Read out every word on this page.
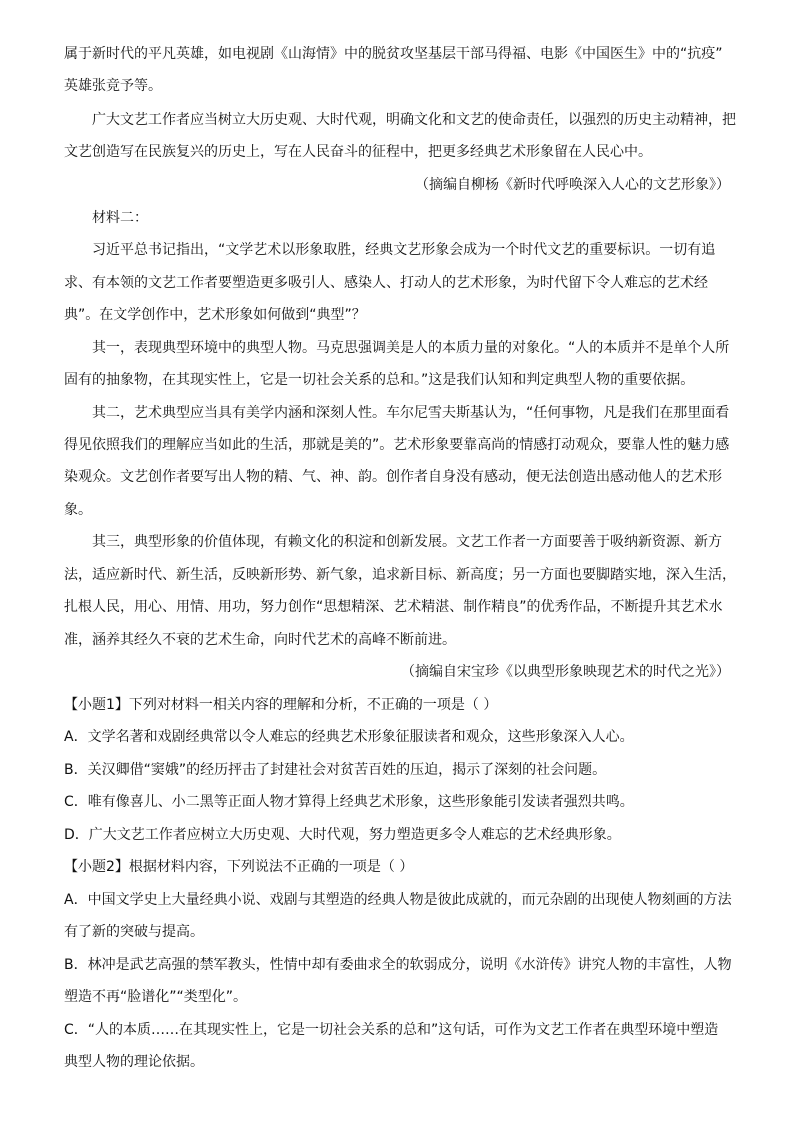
属于新时代的平凡英雄，如电视剧《山海情》中的脱贫攻坚基层干部马得福、电影《中国医生》中的“抗疫”
英雄张竞予等。
广大文艺工作者应当树立大历史观、大时代观，明确文化和文艺的使命责任，以强烈的历史主动精神，把
文艺创造写在民族复兴的历史上，写在人民奋斗的征程中，把更多经典艺术形象留在人民心中。
（摘编自柳杨《新时代呼唤深入人心的文艺形象》）
材料二：
习近平总书记指出，“文学艺术以形象取胜，经典文艺形象会成为一个时代文艺的重要标识。一切有追
求、有本领的文艺工作者要塑造更多吸引人、感染人、打动人的艺术形象，为时代留下令人难忘的艺术经
典”。在文学创作中，艺术形象如何做到“典型”？
其一，表现典型环境中的典型人物。马克思强调美是人的本质力量的对象化。“人的本质并不是单个人所
固有的抽象物，在其现实性上，它是一切社会关系的总和。”这是我们认知和判定典型人物的重要依据。
其二，艺术典型应当具有美学内涵和深刻人性。车尔尼雪夫斯基认为，“任何事物，凡是我们在那里面看
得见依照我们的理解应当如此的生活，那就是美的”。艺术形象要靠高尚的情感打动观众，要靠人性的魅力感
染观众。文艺创作者要写出人物的精、气、神、韵。创作者自身没有感动，便无法创造出感动他人的艺术形
象。
其三，典型形象的价值体现，有赖文化的积淀和创新发展。文艺工作者一方面要善于吸纳新资源、新方
法，适应新时代、新生活，反映新形势、新气象，追求新目标、新高度；另一方面也要脚踏实地，深入生活，
扎根人民，用心、用情、用功，努力创作“思想精深、艺术精湛、制作精良”的优秀作品，不断提升其艺术水
准，涵养其经久不衰的艺术生命，向时代艺术的高峰不断前进。
（摘编自宋宝珍《以典型形象映现艺术的时代之光》）
【小题1】下列对材料一相关内容的理解和分析，不正确的一项是（ ）
A．文学名著和戏剧经典常以令人难忘的经典艺术形象征服读者和观众，这些形象深入人心。
B．关汉卿借“窦娥”的经历抨击了封建社会对贫苦百姓的压迫，揭示了深刻的社会问题。
C．唯有像喜儿、小二黑等正面人物才算得上经典艺术形象，这些形象能引发读者强烈共鸣。
D．广大文艺工作者应树立大历史观、大时代观，努力塑造更多令人难忘的艺术经典形象。
【小题2】根据材料内容，下列说法不正确的一项是（ ）
A．中国文学史上大量经典小说、戏剧与其塑造的经典人物是彼此成就的，而元杂剧的出现使人物刻画的方法
有了新的突破与提高。
B．林冲是武艺高强的禁军教头，性情中却有委曲求全的软弱成分，说明《水浒传》讲究人物的丰富性，人物
塑造不再“脸谱化”“类型化”。
C．“人的本质……在其现实性上，它是一切社会关系的总和”这句话，可作为文艺工作者在典型环境中塑造
典型人物的理论依据。
